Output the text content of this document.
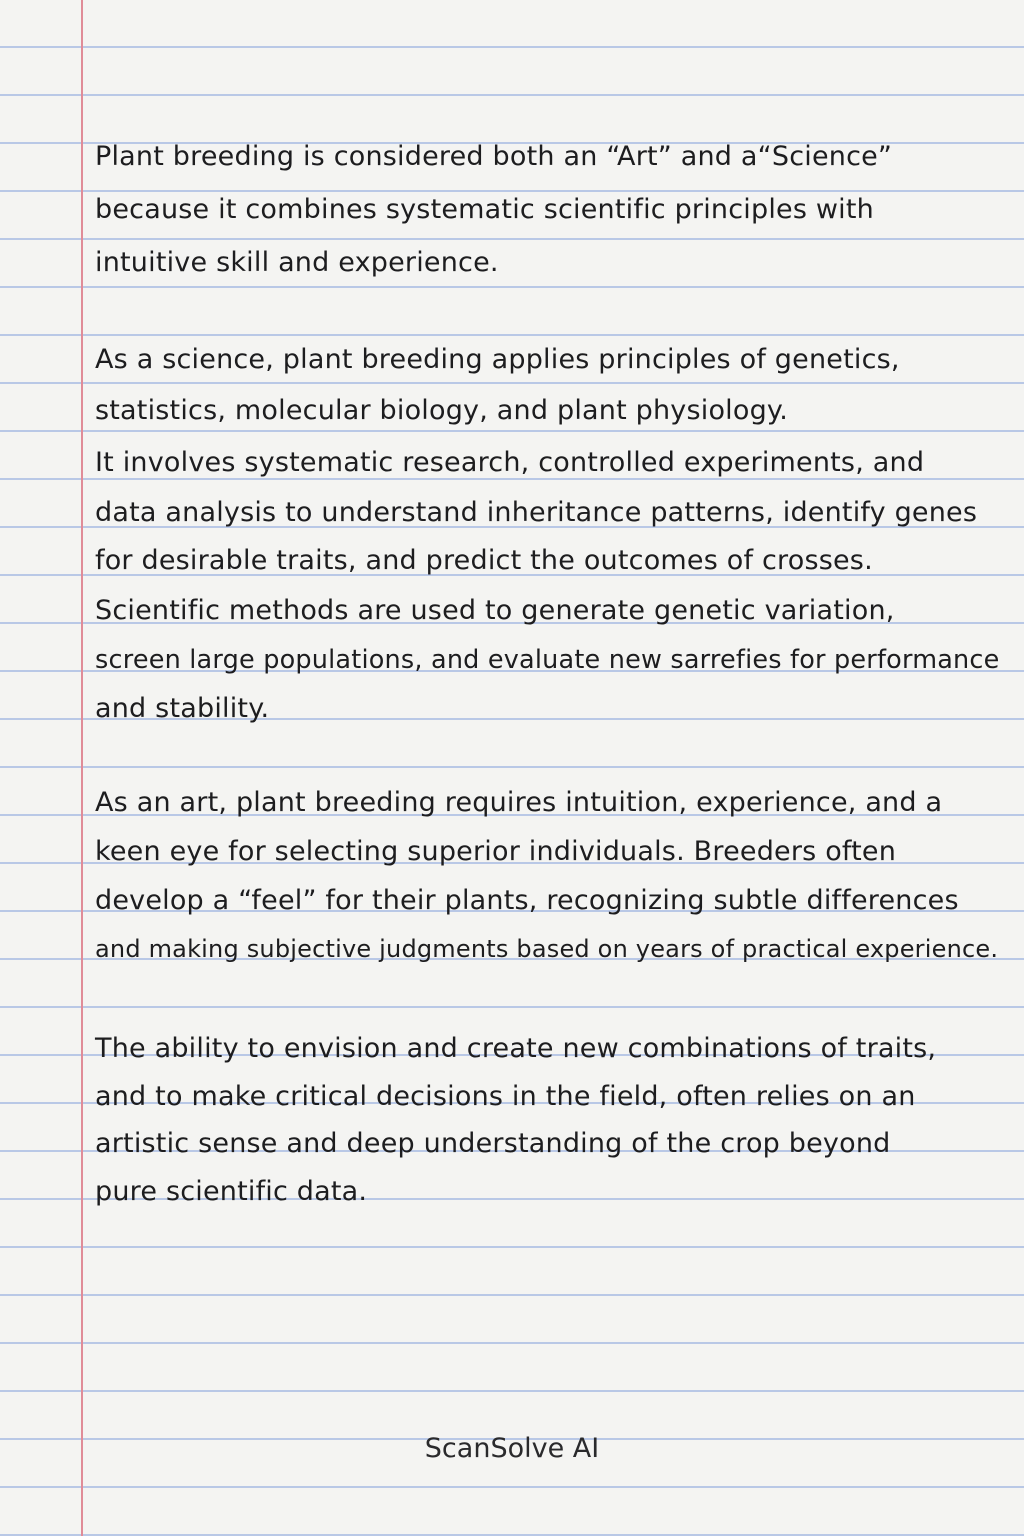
Plant breeding is considered both an “Art” and a“Science”
because it combines systematic scientific principles with
intuitive skill and experience.
As a science, plant breeding applies principles of genetics,
statistics, molecular biology, and plant physiology.
It involves systematic research, controlled experiments, and
data analysis to understand inheritance patterns, identify genes
for desirable traits, and predict the outcomes of crosses.
Scientific methods are used to generate genetic variation,
screen large populations, and evaluate new sarrefies for performance
and stability.
As an art, plant breeding requires intuition, experience, and a
keen eye for selecting superior individuals. Breeders often
develop a “feel” for their plants, recognizing subtle differences
and making subjective judgments based on years of practical experience.
The ability to envision and create new combinations of traits,
and to make critical decisions in the field, often relies on an
artistic sense and deep understanding of the crop beyond
pure scientific data.
ScanSolve AI
